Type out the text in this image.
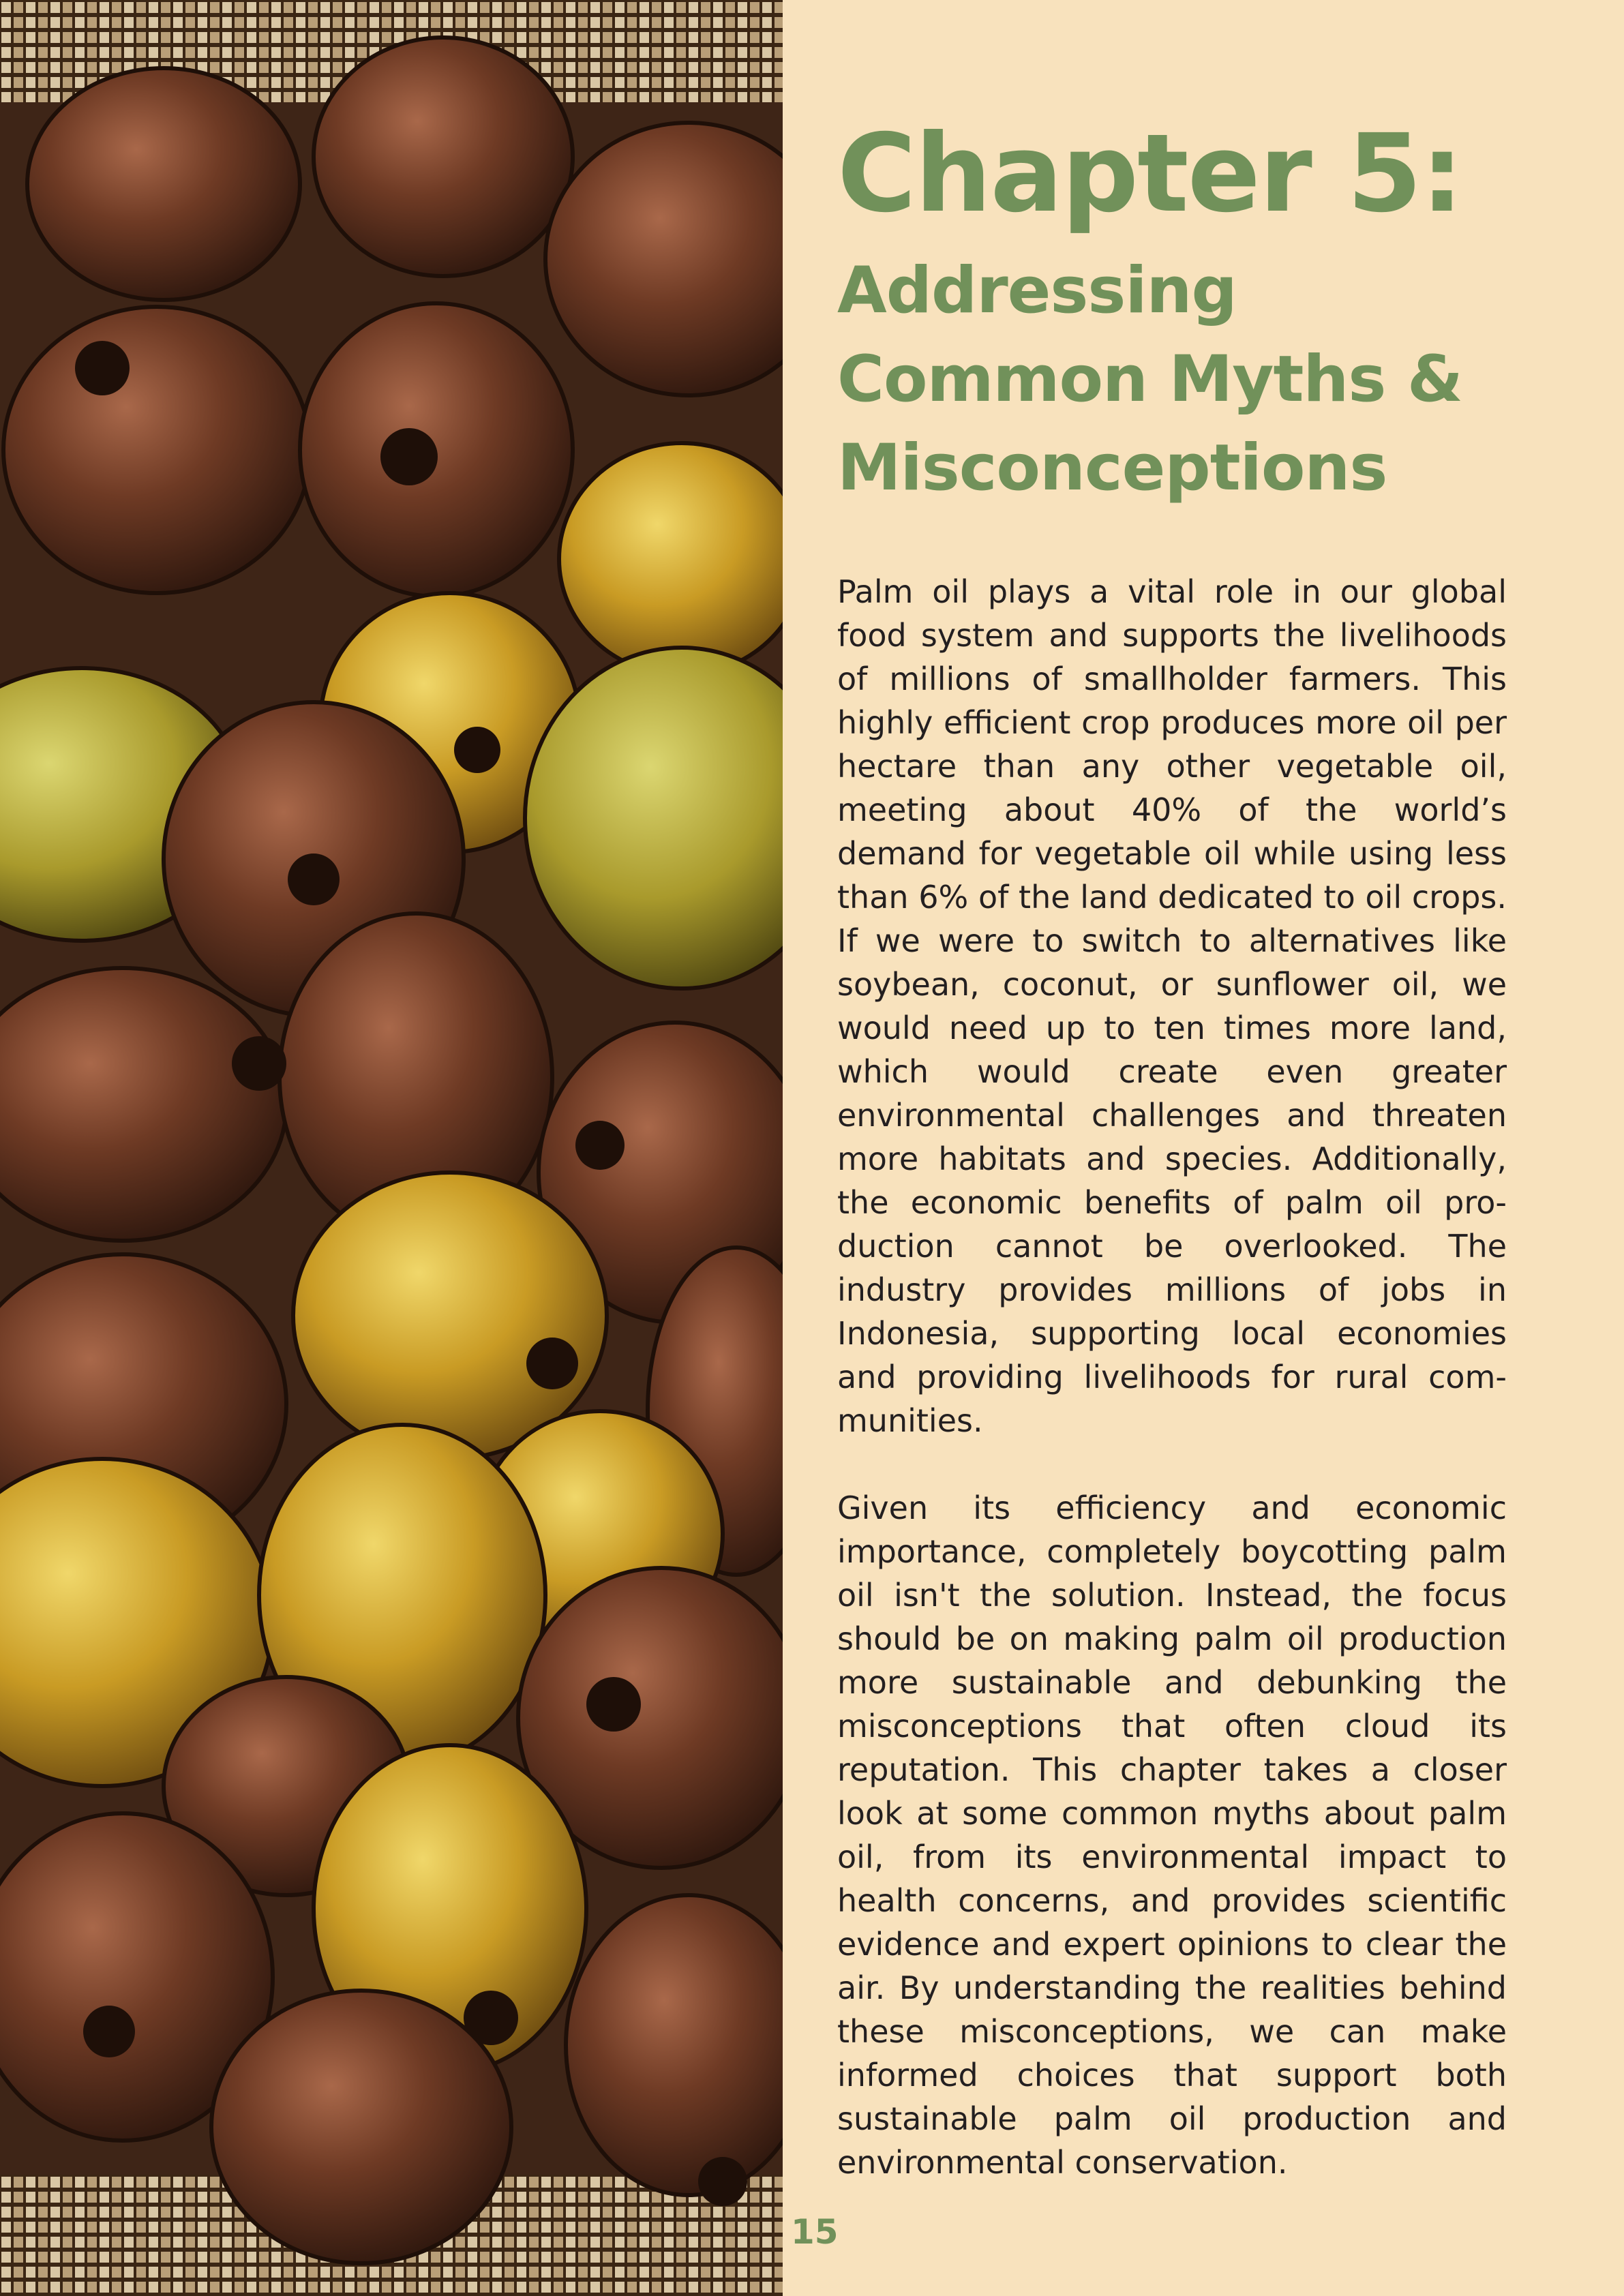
Chapter 5:
Addressing
Common Myths &
Misconceptions

Palm oil plays a vital role in our global food system and supports the livelihoods of millions of smallholder farmers. This highly efficient crop produces more oil per hectare than any other vegetable oil, meeting about 40% of the world’s demand for vegetable oil while using less than 6% of the land dedicated to oil crops. If we were to switch to alternatives like soybean, coconut, or sunflower oil, we would need up to ten times more land, which would create even greater environmental challenges and threaten more habitats and species. Additionally, the economic benefits of palm oil production cannot be overlooked. The industry provides millions of jobs in Indonesia, supporting local economies and providing livelihoods for rural communities.

Given its efficiency and economic importance, completely boycotting palm oil isn't the solution. Instead, the focus should be on making palm oil production more sustainable and debunking the misconceptions that often cloud its reputation. This chapter takes a closer look at some common myths about palm oil, from its environmental impact to health concerns, and provides scientific evidence and expert opinions to clear the air. By understanding the realities behind these misconceptions, we can make informed choices that support both sustainable palm oil production and environmental conservation.

15
